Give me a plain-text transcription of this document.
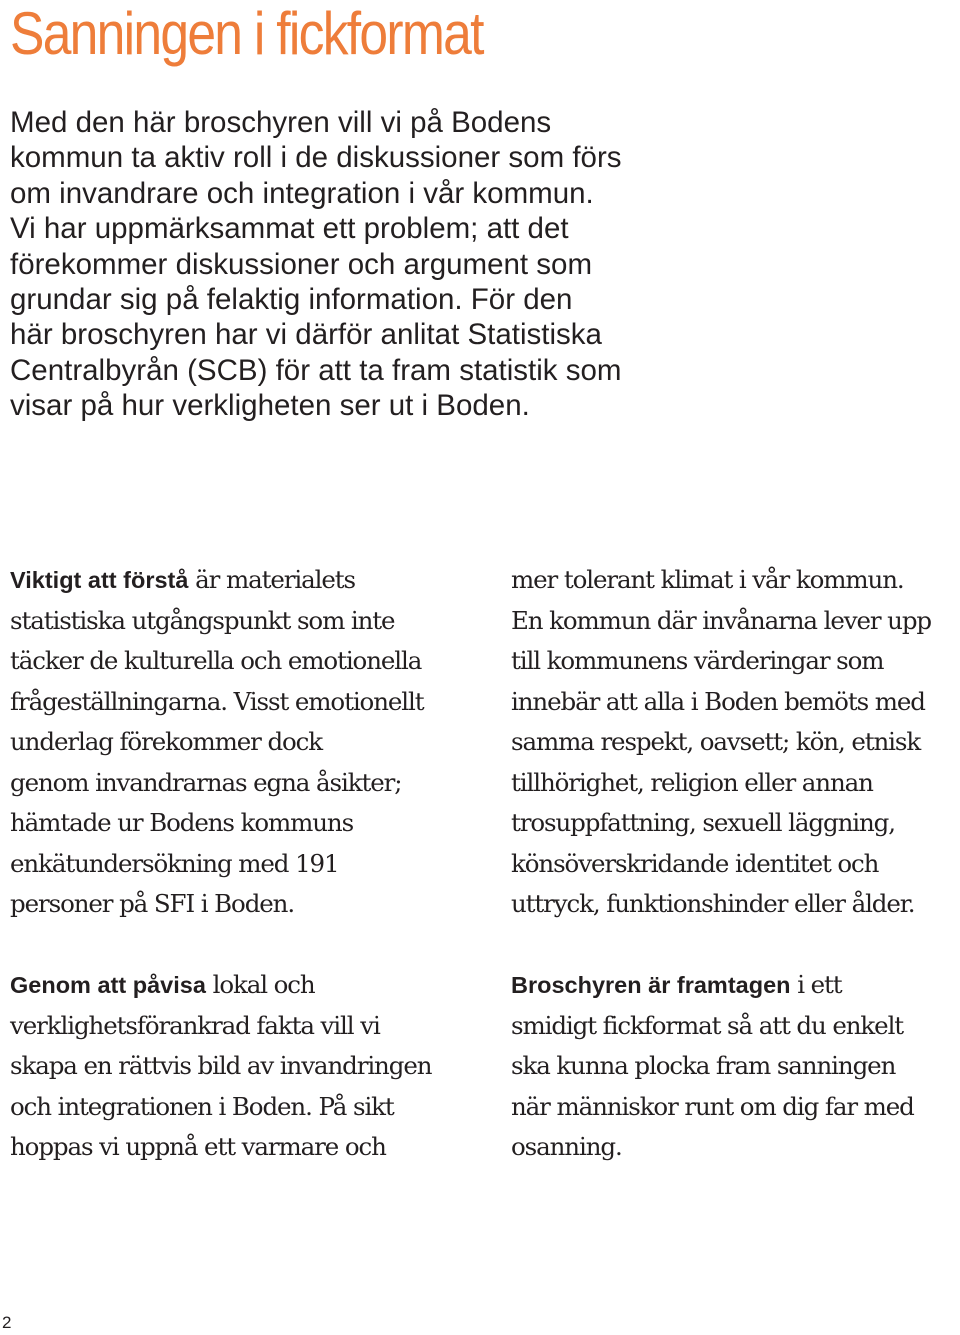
Sanningen i fickformat

Med den här broschyren vill vi på Bodens
kommun ta aktiv roll i de diskussioner som förs
om invandrare och integration i vår kommun.
Vi har uppmärksammat ett problem; att det
förekommer diskussioner och argument som
grundar sig på felaktig information. För den
här broschyren har vi därför anlitat Statistiska
Centralbyrån (SCB) för att ta fram statistik som
visar på hur verkligheten ser ut i Boden.

Viktigt att förstå är materialets
statistiska utgångspunkt som inte
täcker de kulturella och emotionella
frågeställningarna. Visst emotionellt
underlag förekommer dock
genom invandrarnas egna åsikter;
hämtade ur Bodens kommuns
enkätundersökning med 191
personer på SFI i Boden.

Genom att påvisa lokal och
verklighetsförankrad fakta vill vi
skapa en rättvis bild av invandringen
och integrationen i Boden. På sikt
hoppas vi uppnå ett varmare och

mer tolerant klimat i vår kommun.
En kommun där invånarna lever upp
till kommunens värderingar som
innebär att alla i Boden bemöts med
samma respekt, oavsett; kön, etnisk
tillhörighet, religion eller annan
trosuppfattning, sexuell läggning,
könsöverskridande identitet och
uttryck, funktionshinder eller ålder.

Broschyren är framtagen i ett
smidigt fickformat så att du enkelt
ska kunna plocka fram sanningen
när människor runt om dig far med
osanning.

2
